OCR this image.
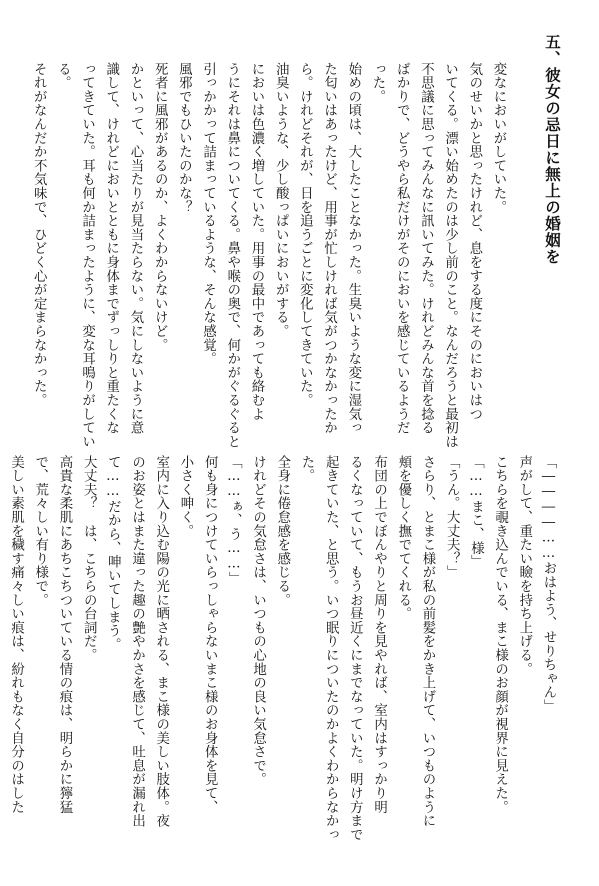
五、彼女の忌日に無上の婚姻を
変なにおいがしていた。
気のせいかと思ったけれど、息をする度にそのにおいはつ
いてくる。漂い始めたのは少し前のこと。なんだろうと最初は
不思議に思ってみんなに訊いてみた。けれどみんな首を捻る
ばかりで、どうやら私だけがそのにおいを感じているようだ
った。
始めの頃は、大したことなかった。生臭いような変に湿気っ
た匂いはあったけど、用事が忙しければ気がつかなかったか
ら。けれどそれが、日を追うごとに変化してきていた。
油臭いような、少し酸っぱいにおいがする。
においは色濃く増していた。用事の最中であっても絡むよ
うにそれは鼻についてくる。鼻や喉の奥で、何かがぐるぐると
引っかかって詰まっているような、そんな感覚。
風邪でもひいたのかな？
死者に風邪があるのか、よくわからないけど。
かといって、心当たりが見当たらない。気にしないように意
識して、けれどにおいとともに身体までずっしりと重たくな
ってきていた。耳も何か詰まったように、変な耳鳴りがしてい
る。
それがなんだか不気味で、ひどく心が定まらなかった。
「――――……おはよう、せりちゃん」
声がして、重たい瞼を持ち上げる。
こちらを覗き込んでいる、まこ様のお顔が視界に見えた。
「……まこ、様」
「うん。大丈夫？」
さらり、とまこ様が私の前髪をかき上げて、いつものように
頬を優しく撫でてくれる。
布団の上でぼんやりと周りを見やれば、室内はすっかり明
るくなっていて、もうお昼近くにまでなっていた。明け方まで
起きていた、と思う。いつ眠りについたのかよくわからなかっ
た。
全身に倦怠感を感じる。
けれどその気怠さは、いつもの心地の良い気怠さで。
「……ぁ、う……」
何も身につけていらっしゃらないまこ様のお身体を見て、
小さく呻く。
室内に入り込む陽の光に晒される、まこ様の美しい肢体。夜
のお姿とはまた違った趣の艶やかさを感じて、吐息が漏れ出
て……だから、呻いてしまう。
大丈夫？　は、こちらの台詞だ。
高貴な柔肌にあちこちついている情の痕は、明らかに獰猛
で、荒々しい有り様で。
美しい素肌を穢す痛々しい痕は、紛れもなく自分のはした
